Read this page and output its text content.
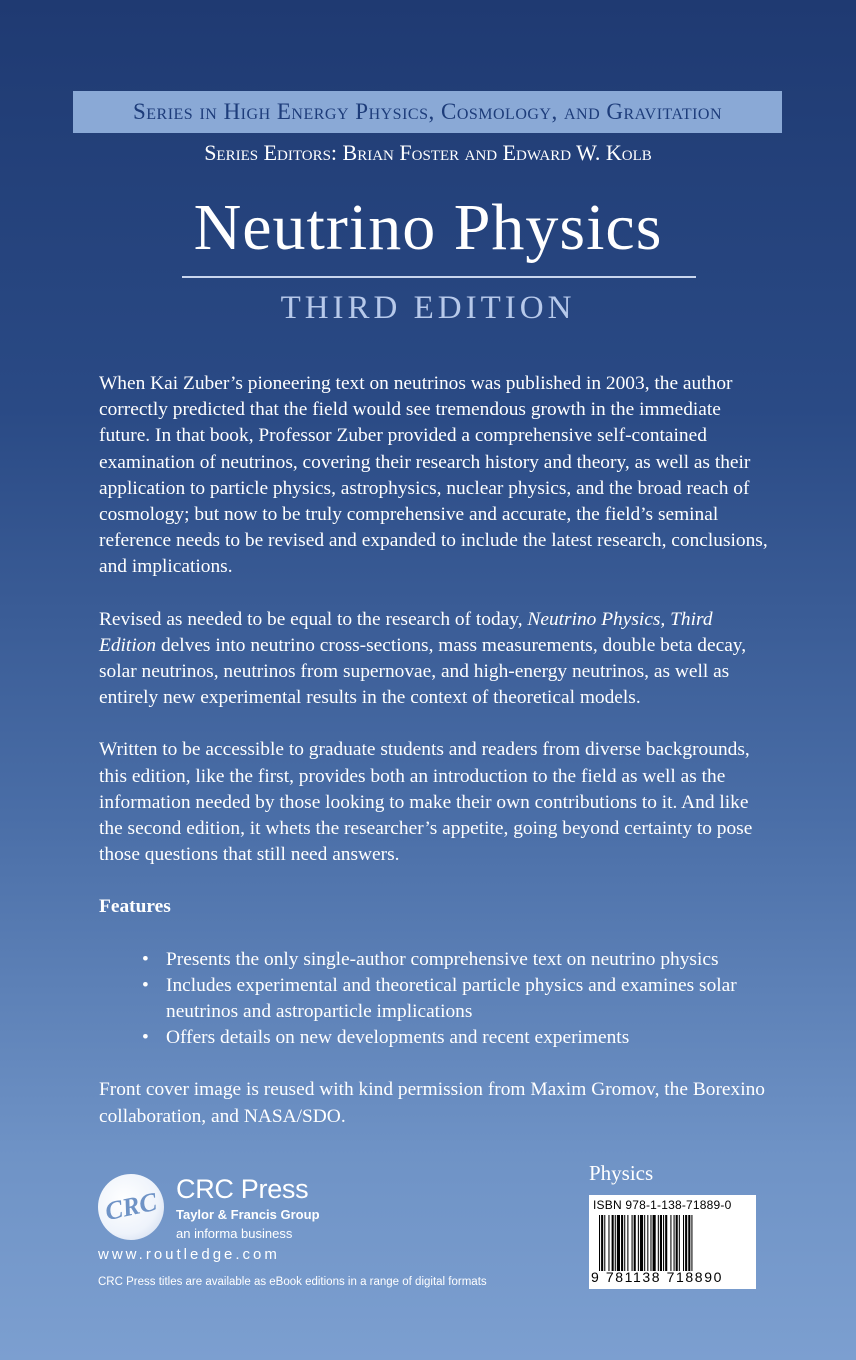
Series in High Energy Physics, Cosmology, and Gravitation
Series Editors: Brian Foster and Edward W. Kolb
Neutrino Physics
THIRD EDITION

When Kai Zuber’s pioneering text on neutrinos was published in 2003, the author correctly predicted that the field would see tremendous growth in the immediate future. In that book, Professor Zuber provided a comprehensive self-contained examination of neutrinos, covering their research history and theory, as well as their application to particle physics, astrophysics, nuclear physics, and the broad reach of cosmology; but now to be truly comprehensive and accurate, the field’s seminal reference needs to be revised and expanded to include the latest research, conclusions, and implications.

Revised as needed to be equal to the research of today, Neutrino Physics, Third Edition delves into neutrino cross-sections, mass measurements, double beta decay, solar neutrinos, neutrinos from supernovae, and high-energy neutrinos, as well as entirely new experimental results in the context of theoretical models.

Written to be accessible to graduate students and readers from diverse backgrounds, this edition, like the first, provides both an introduction to the field as well as the information needed by those looking to make their own contributions to it. And like the second edition, it whets the researcher’s appetite, going beyond certainty to pose those questions that still need answers.

Features

• Presents the only single-author comprehensive text on neutrino physics
• Includes experimental and theoretical particle physics and examines solar neutrinos and astroparticle implications
• Offers details on new developments and recent experiments

Front cover image is reused with kind permission from Maxim Gromov, the Borexino collaboration, and NASA/SDO.

CRC CRC Press
Taylor & Francis Group
an informa business
www.routledge.com
CRC Press titles are available as eBook editions in a range of digital formats
Physics
ISBN 978-1-138-71889-0
9 781138 718890
